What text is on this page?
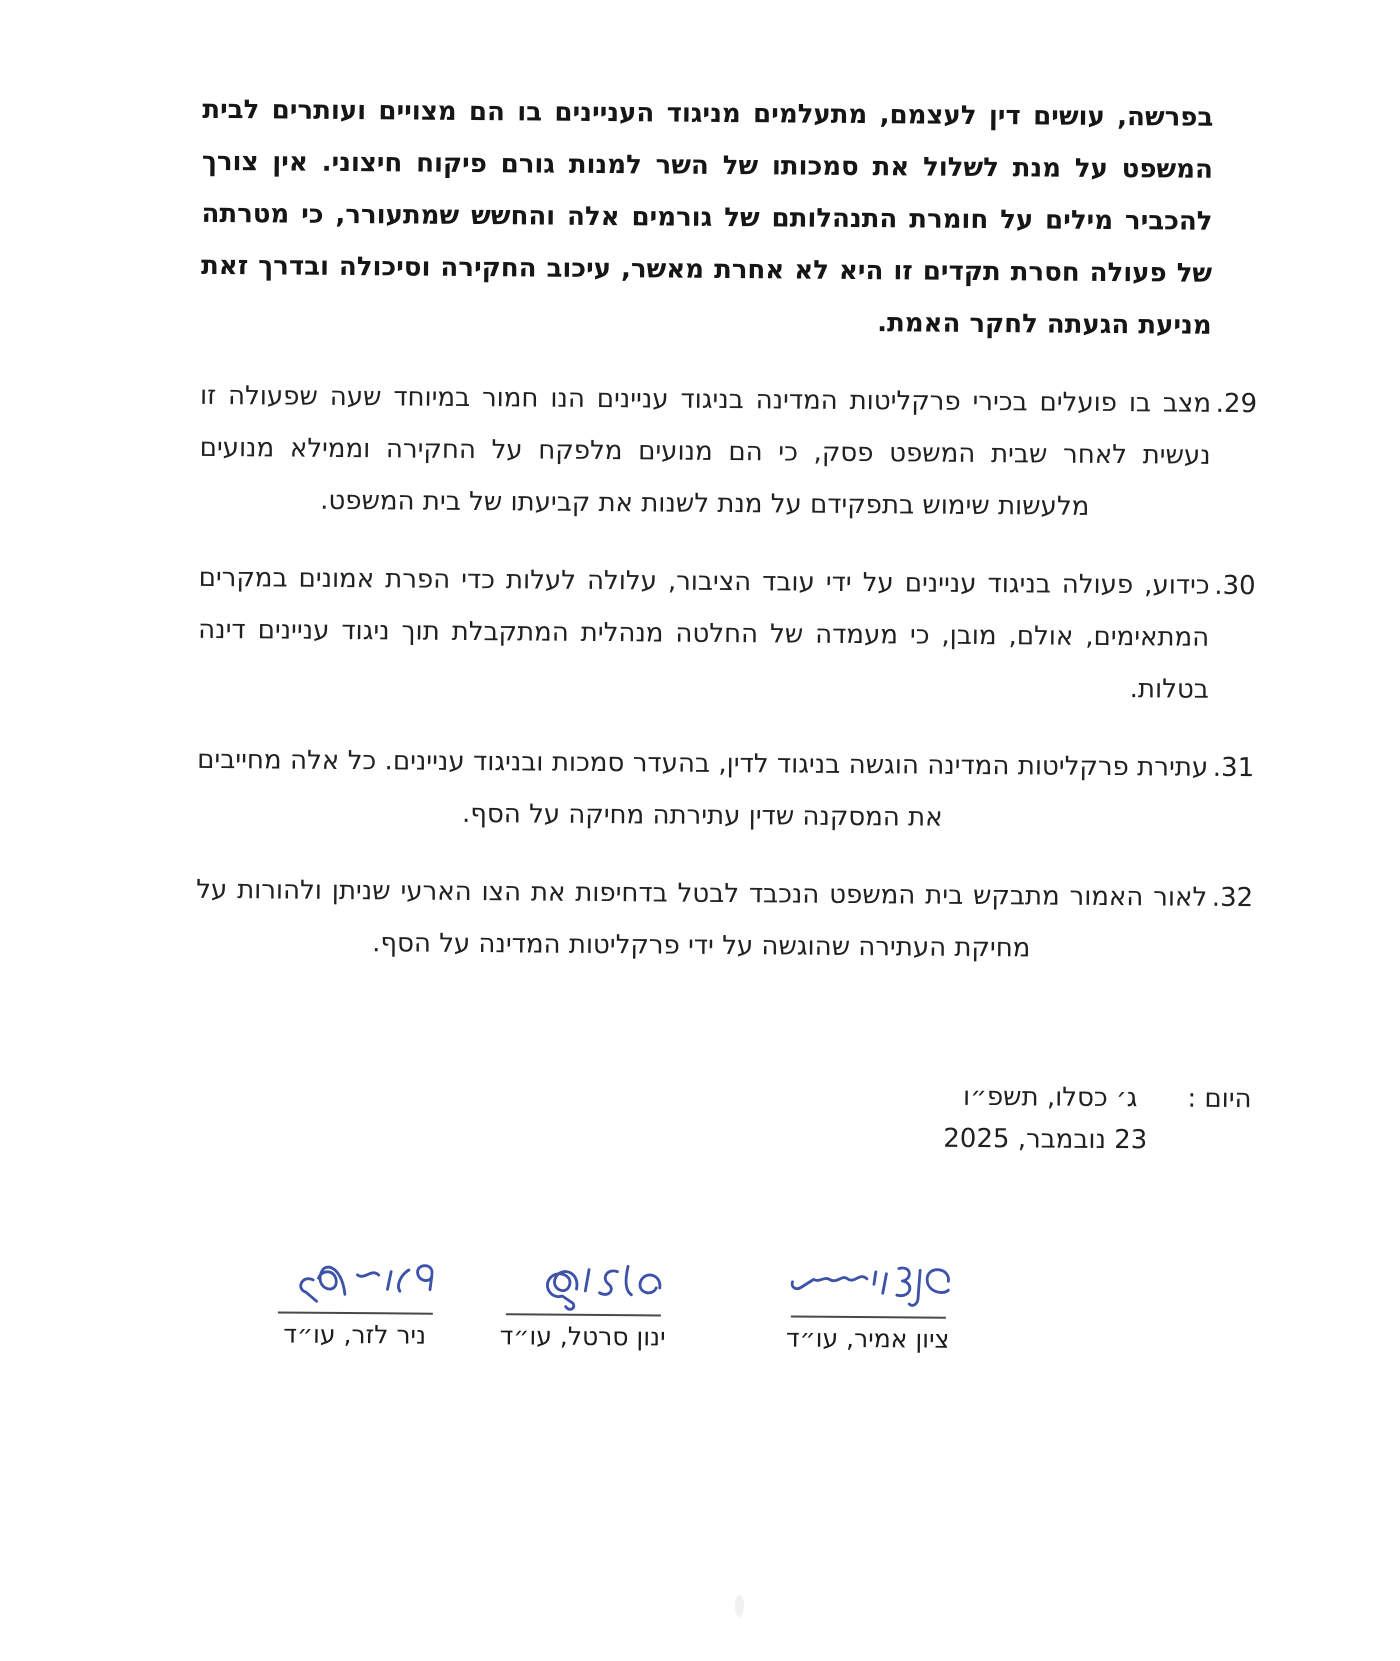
בפרשה, עושים דין לעצמם, מתעלמים מניגוד העניינים בו הם מצויים ועותרים לבית המשפט על מנת לשלול את סמכותו של השר למנות גורם פיקוח חיצוני. אין צורך להכביר מילים על חומרת התנהלותם של גורמים אלה והחשש שמתעורר, כי מטרתה של פעולה חסרת תקדים זו היא לא אחרת מאשר, עיכוב החקירה וסיכולה ובדרך זאת מניעת הגעתה לחקר האמת.

29.
מצב בו פועלים בכירי פרקליטות המדינה בניגוד עניינים הנו חמור במיוחד שעה שפעולה זו נעשית לאחר שבית המשפט פסק, כי הם מנועים מלפקח על החקירה וממילא מנועים מלעשות שימוש בתפקידם על מנת לשנות את קביעתו של בית המשפט.
30.
כידוע, פעולה בניגוד עניינים על ידי עובד הציבור, עלולה לעלות כדי הפרת אמונים במקרים המתאימים, אולם, מובן, כי מעמדה של החלטה מנהלית המתקבלת תוך ניגוד עניינים דינה בטלות.
31.
עתירת פרקליטות המדינה הוגשה בניגוד לדין, בהעדר סמכות ובניגוד עניינים. כל אלה מחייבים את המסקנה שדין עתירתה מחיקה על הסף.
32.
לאור האמור מתבקש בית המשפט הנכבד לבטל בדחיפות את הצו הארעי שניתן ולהורות על מחיקת העתירה שהוגשה על ידי פרקליטות המדינה על הסף.
היום :
ג׳ כסלו, תשפ״ו
23 נובמבר, 2025
ציון אמיר, עו״ד
ינון סרטל, עו״ד
ניר לזר, עו״ד
